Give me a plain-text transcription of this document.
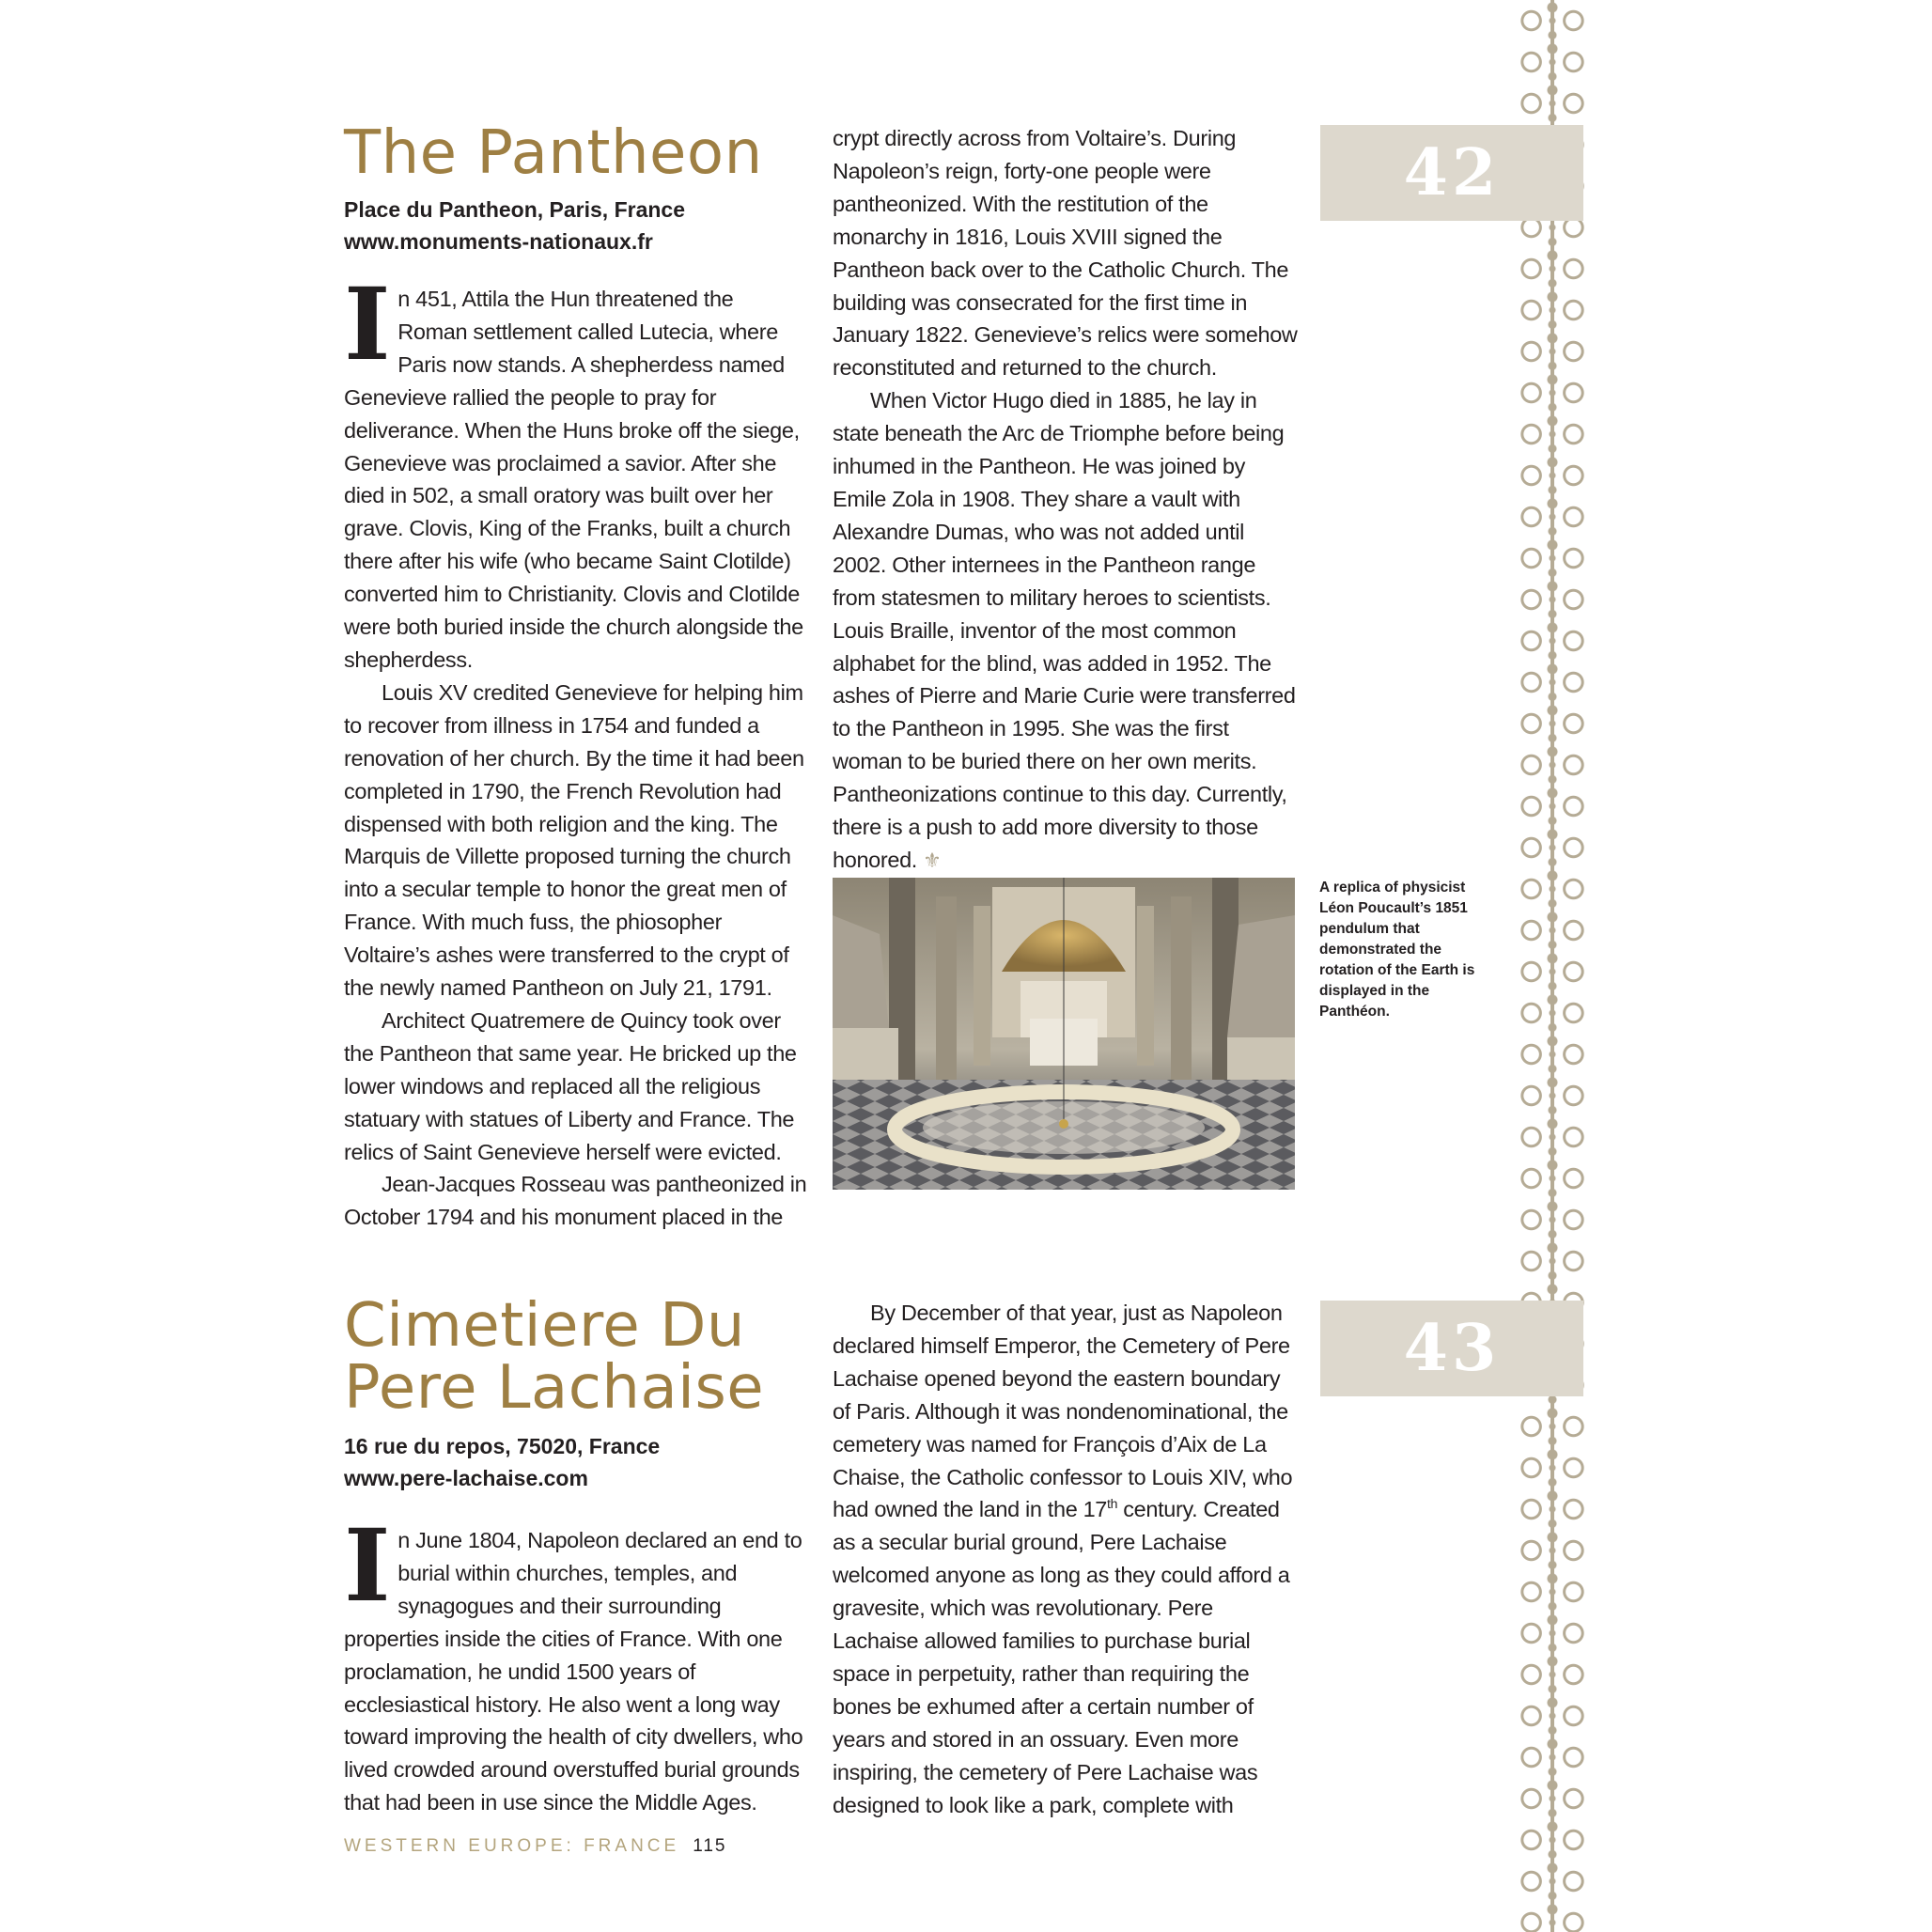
42
The Pantheon
Place du Pantheon, Paris, France
www.monuments-nationaux.fr

In 451, Attila the Hun threatened the Roman settlement called Lutecia, where Paris now stands. A shepherdess named Genevieve rallied the people to pray for deliverance. When the Huns broke off the siege, Genevieve was proclaimed a savior. After she died in 502, a small oratory was built over her grave. Clovis, King of the Franks, built a church there after his wife (who became Saint Clotilde) converted him to Christianity. Clovis and Clotilde were both buried inside the church alongside the shepherdess.

Louis XV credited Genevieve for helping him to recover from illness in 1754 and funded a renovation of her church. By the time it had been completed in 1790, the French Revolution had dispensed with both religion and the king. The Marquis de Villette proposed turning the church into a secular temple to honor the great men of France. With much fuss, the phiosopher Voltaire’s ashes were transferred to the crypt of the newly named Pantheon on July 21, 1791.

Architect Quatremere de Quincy took over the Pantheon that same year. He bricked up the lower windows and replaced all the religious statuary with statues of Liberty and France. The relics of Saint Genevieve herself were evicted.

Jean-Jacques Rosseau was pantheonized in October 1794 and his monument placed in the

crypt directly across from Voltaire’s. During Napoleon’s reign, forty-one people were pantheonized. With the restitution of the monarchy in 1816, Louis XVIII signed the Pantheon back over to the Catholic Church. The building was consecrated for the first time in January 1822. Genevieve’s relics were somehow reconstituted and returned to the church.

When Victor Hugo died in 1885, he lay in state beneath the Arc de Triomphe before being inhumed in the Pantheon. He was joined by Emile Zola in 1908. They share a vault with Alexandre Dumas, who was not added until 2002. Other internees in the Pantheon range from statesmen to military heroes to scientists. Louis Braille, inventor of the most common alphabet for the blind, was added in 1952. The ashes of Pierre and Marie Curie were transferred to the Pantheon in 1995. She was the first woman to be buried there on her own merits. Pantheonizations continue to this day. Currently, there is a push to add more diversity to those honored. ⚜

A replica of physicist Léon Poucault’s 1851 pendulum that demonstrated the rotation of the Earth is displayed in the Panthéon.
43
Cimetiere Du
Pere Lachaise
16 rue du repos, 75020, France
www.pere-lachaise.com

In June 1804, Napoleon declared an end to burial within churches, temples, and synagogues and their surrounding properties inside the cities of France. With one proclamation, he undid 1500 years of ecclesiastical history. He also went a long way toward improving the health of city dwellers, who lived crowded around overstuffed burial grounds that had been in use since the Middle Ages.

By December of that year, just as Napoleon declared himself Emperor, the Cemetery of Pere Lachaise opened beyond the eastern boundary of Paris. Although it was nondenominational, the cemetery was named for François d’Aix de La Chaise, the Catholic confessor to Louis XIV, who had owned the land in the 17th century. Created as a secular burial ground, Pere Lachaise welcomed anyone as long as they could afford a gravesite, which was revolutionary. Pere Lachaise allowed families to purchase burial space in perpetuity, rather than requiring the bones be exhumed after a certain number of years and stored in an ossuary. Even more inspiring, the cemetery of Pere Lachaise was designed to look like a park, complete with

WESTERN EUROPE: FRANCE 115
